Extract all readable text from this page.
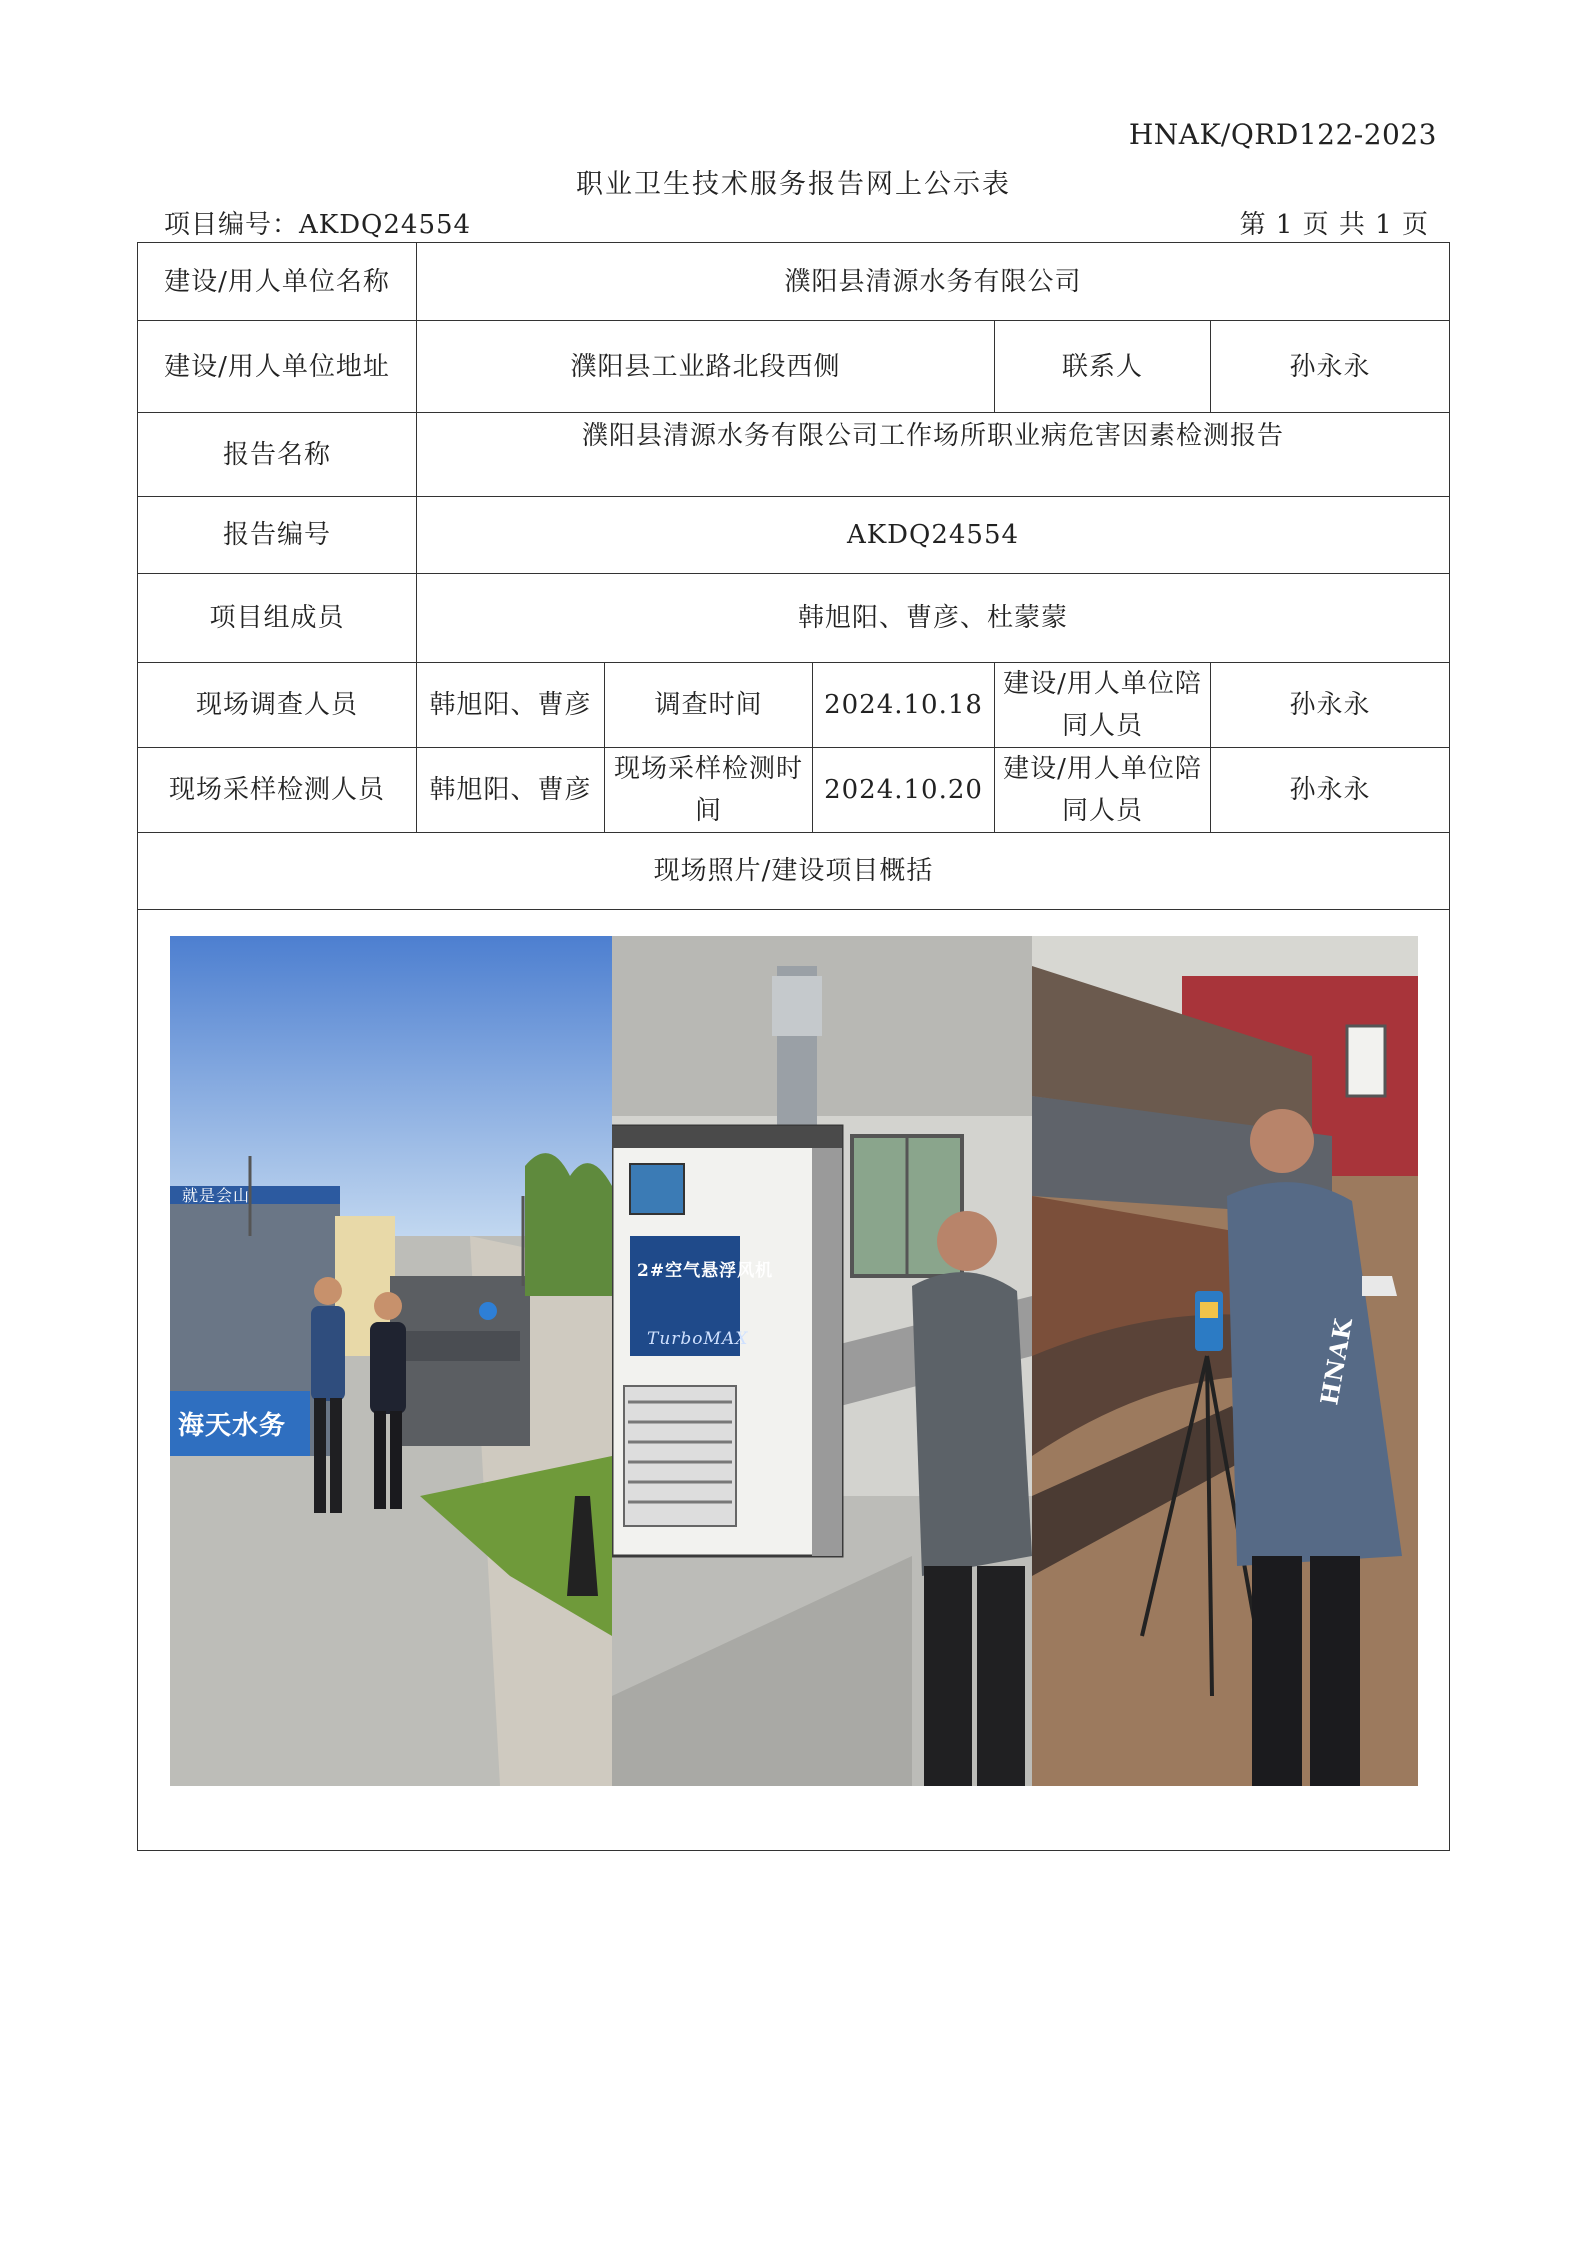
HNAK/QRD122-2023
职业卫生技术服务报告网上公示表
项目编号：AKDQ24554	第 1 页 共 1 页
建设/用人单位名称	濮阳县清源水务有限公司				
建设/用人单位地址	濮阳县工业路北段西侧			联系人	孙永永
报告名称	濮阳县清源水务有限公司工作场所职业病危害因素检测报告				
报告编号	AKDQ24554				
项目组成员	韩旭阳、曹彦、杜蒙蒙				
现场调查人员	韩旭阳、曹彦	调查时间	2024.10.18	建设/用人单位陪同人员	孙永永
现场采样检测人员	韩旭阳、曹彦	现场采样检测时间	2024.10.20	建设/用人单位陪同人员	孙永永
现场照片/建设项目概括					

就是会山
海天水务
2#空气悬浮风机
TurboMAX HNAK					
